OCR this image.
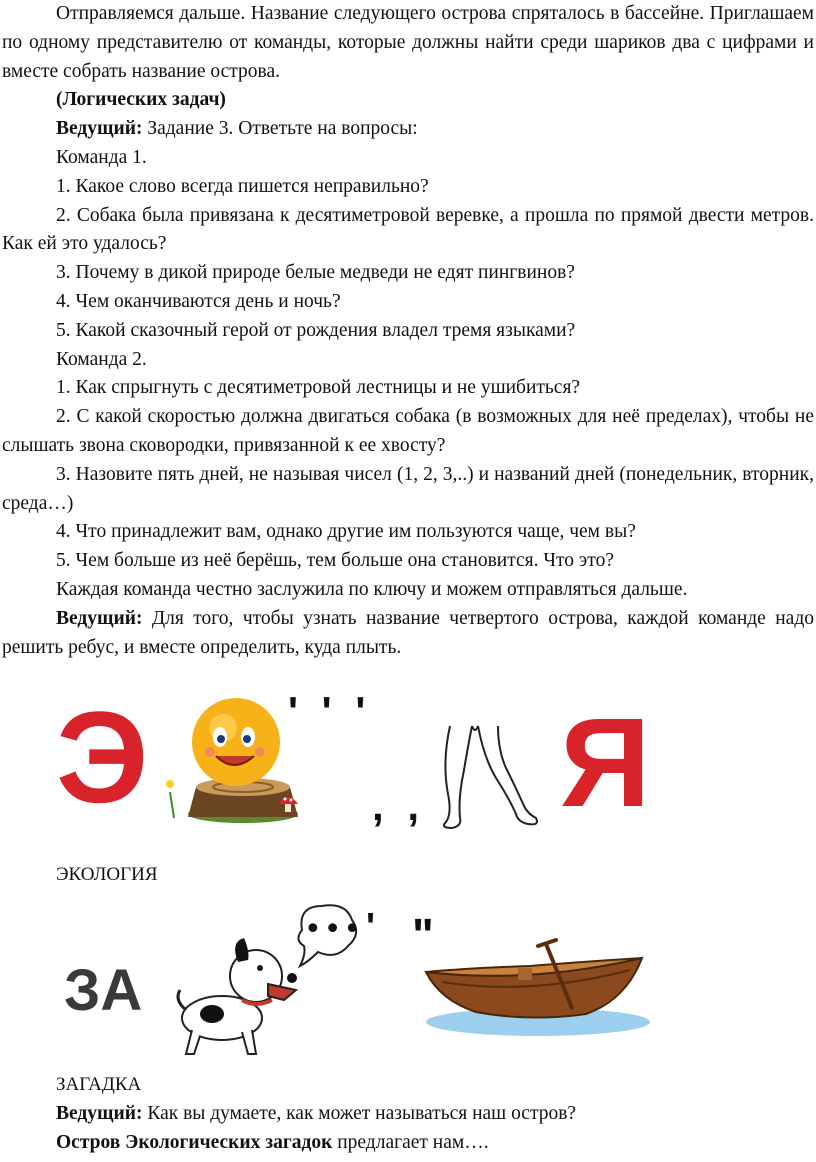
Отправляемся дальше. Название следующего острова спряталось в бассейне. Приглашаем по одному представителю от команды, которые должны найти среди шариков два с цифрами и вместе собрать название острова.

(Логических задач)

Ведущий: Задание 3. Ответьте на вопросы:

Команда 1.

1. Какое слово всегда пишется неправильно?

2. Собака была привязана к десятиметровой веревке, а прошла по прямой двести метров. Как ей это удалось?

3. Почему в дикой природе белые медведи не едят пингвинов?

4. Чем оканчиваются день и ночь?

5. Какой сказочный герой от рождения владел тремя языками?

Команда 2.

1. Как спрыгнуть с десятиметровой лестницы и не ушибиться?

2. С какой скоростью должна двигаться собака (в возможных для неё пределах), чтобы не слышать звона сковородки, привязанной к ее хвосту?

3. Назовите пять дней, не называя чисел (1, 2, 3,..) и названий дней (понедельник, вторник, среда…)

4. Что принадлежит вам, однако другие им пользуются чаще, чем вы?

5. Чем больше из неё берёшь, тем больше она становится. Что это?

Каждая команда честно заслужила по ключу и можем отправляться дальше.

Ведущий: Для того, чтобы узнать название четвертого острова, каждой команде надо решить ребус, и вместе определить, куда плыть.

Э	' ' '
, , Я
ЭКОЛОГИЯ
ЗА
••• ' "
ЗАГАДКА
Ведущий: Как вы думаете, как может называться наш остров?
Остров Экологических загадок предлагает нам….
